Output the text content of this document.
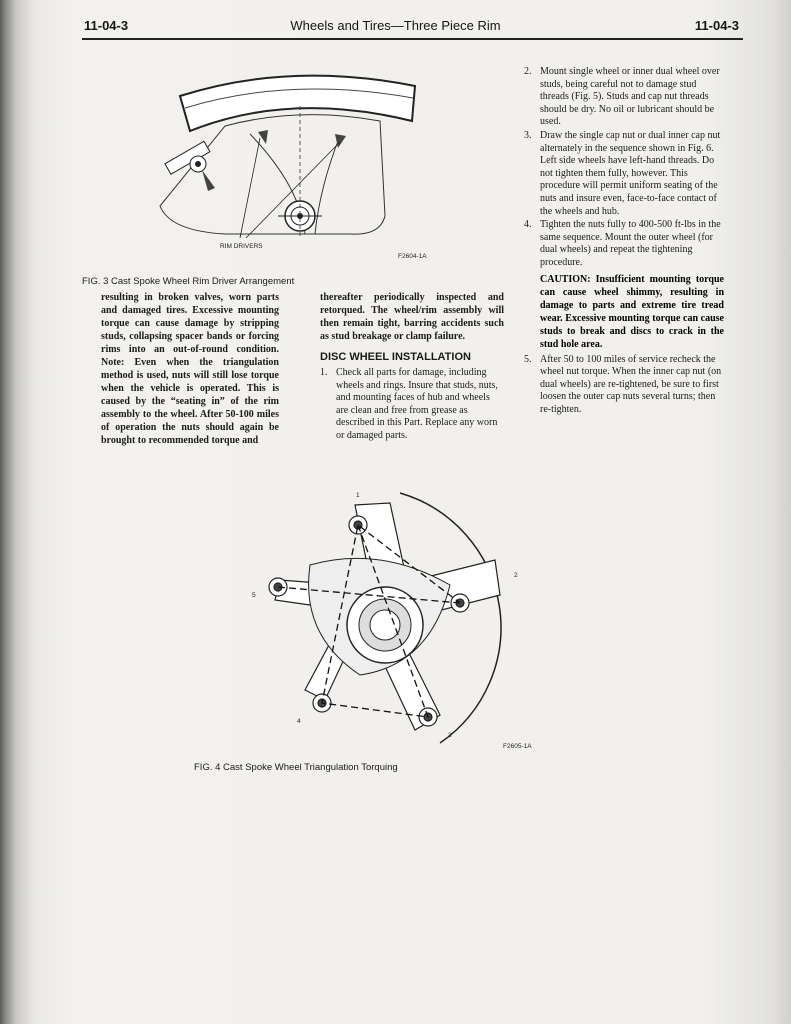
11-04-3	Wheels and Tires—Three Piece Rim	11-04-3
RIM DRIVERS
F2604-1A
FIG. 3 Cast Spoke Wheel Rim Driver Arrangement
resulting in broken valves, worn parts and damaged tires. Excessive mounting torque can cause damage by stripping studs, collapsing spacer bands or forcing rims into an out-of-round condition. Note: Even when the triangulation method is used, nuts will still lose torque when the vehicle is operated. This is caused by the “seating in” of the rim assembly to the wheel. After 50-100 miles of operation the nuts should again be brought to recommended torque and
thereafter periodically inspected and retorqued. The wheel/rim assembly will then remain tight, barring accidents such as stud breakage or clamp failure.
DISC WHEEL INSTALLATION
1. Check all parts for damage, including wheels and rings. Insure that studs, nuts, and mounting faces of hub and wheels are clean and free from grease as described in this Part. Replace any worn or damaged parts.
2. Mount single wheel or inner dual wheel over studs, being careful not to damage stud threads (Fig. 5). Studs and cap nut threads should be dry. No oil or lubricant should be used.
3. Draw the single cap nut or dual inner cap nut alternately in the sequence shown in Fig. 6. Left side wheels have left-hand threads. Do not tighten them fully, however. This procedure will permit uniform seating of the nuts and insure even, face-to-face contact of the wheels and hub.
4. Tighten the nuts fully to 400-500 ft-lbs in the same sequence. Mount the outer wheel (for dual wheels) and repeat the tightening procedure.
CAUTION: Insufficient mounting torque can cause wheel shimmy, resulting in damage to parts and extreme tire tread wear. Excessive mounting torque can cause studs to break and discs to crack in the stud hole area.
5. After 50 to 100 miles of service recheck the wheel nut torque. When the inner cap nut (on dual wheels) are re-tightened, be sure to first loosen the outer cap nuts several turns; then re-tighten.
1
2
3
4
5
F2605-1A
FIG. 4 Cast Spoke Wheel Triangulation Torquing
